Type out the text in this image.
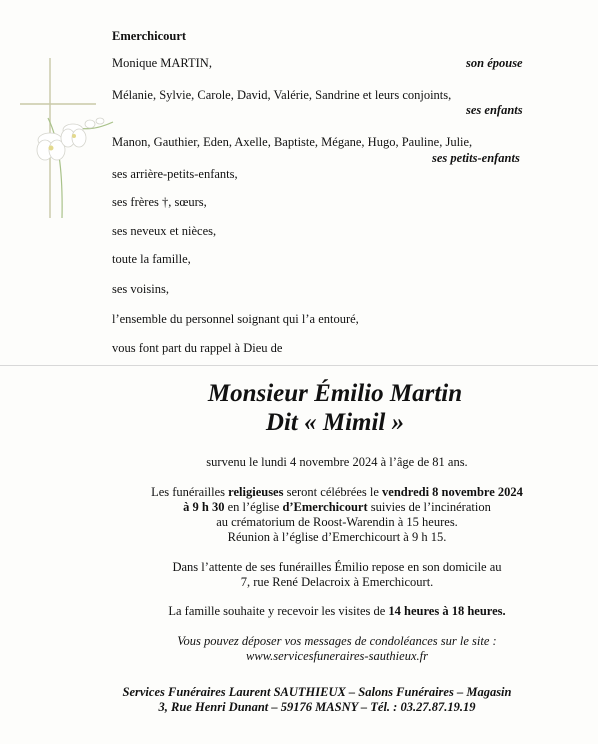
Emerchicourt
Monique MARTIN,	son épouse
Mélanie, Sylvie, Carole, David, Valérie, Sandrine et leurs conjoints,
ses enfants
Manon, Gauthier, Eden, Axelle, Baptiste, Mégane, Hugo, Pauline, Julie,
ses petits-enfants
ses arrière-petits-enfants,
ses frères †, sœurs,
ses neveux et nièces,
toute la famille,
ses voisins,
l’ensemble du personnel soignant qui l’a entouré,
vous font part du rappel à Dieu de
Monsieur Émilio Martin
Dit « Mimil »
survenu le lundi 4 novembre 2024 à l’âge de 81 ans.
Les funérailles religieuses seront célébrées le vendredi 8 novembre 2024
à 9 h 30 en l’église d’Emerchicourt suivies de l’incinération
au crématorium de Roost-Warendin à 15 heures.
Réunion à l’église d’Emerchicourt à 9 h 15.
Dans l’attente de ses funérailles Émilio repose en son domicile au
7, rue René Delacroix à Emerchicourt.
La famille souhaite y recevoir les visites de 14 heures à 18 heures.
Vous pouvez déposer vos messages de condoléances sur le site :
www.servicesfuneraires-sauthieux.fr
Services Funéraires Laurent SAUTHIEUX – Salons Funéraires – Magasin
3, Rue Henri Dunant – 59176 MASNY – Tél. : 03.27.87.19.19
